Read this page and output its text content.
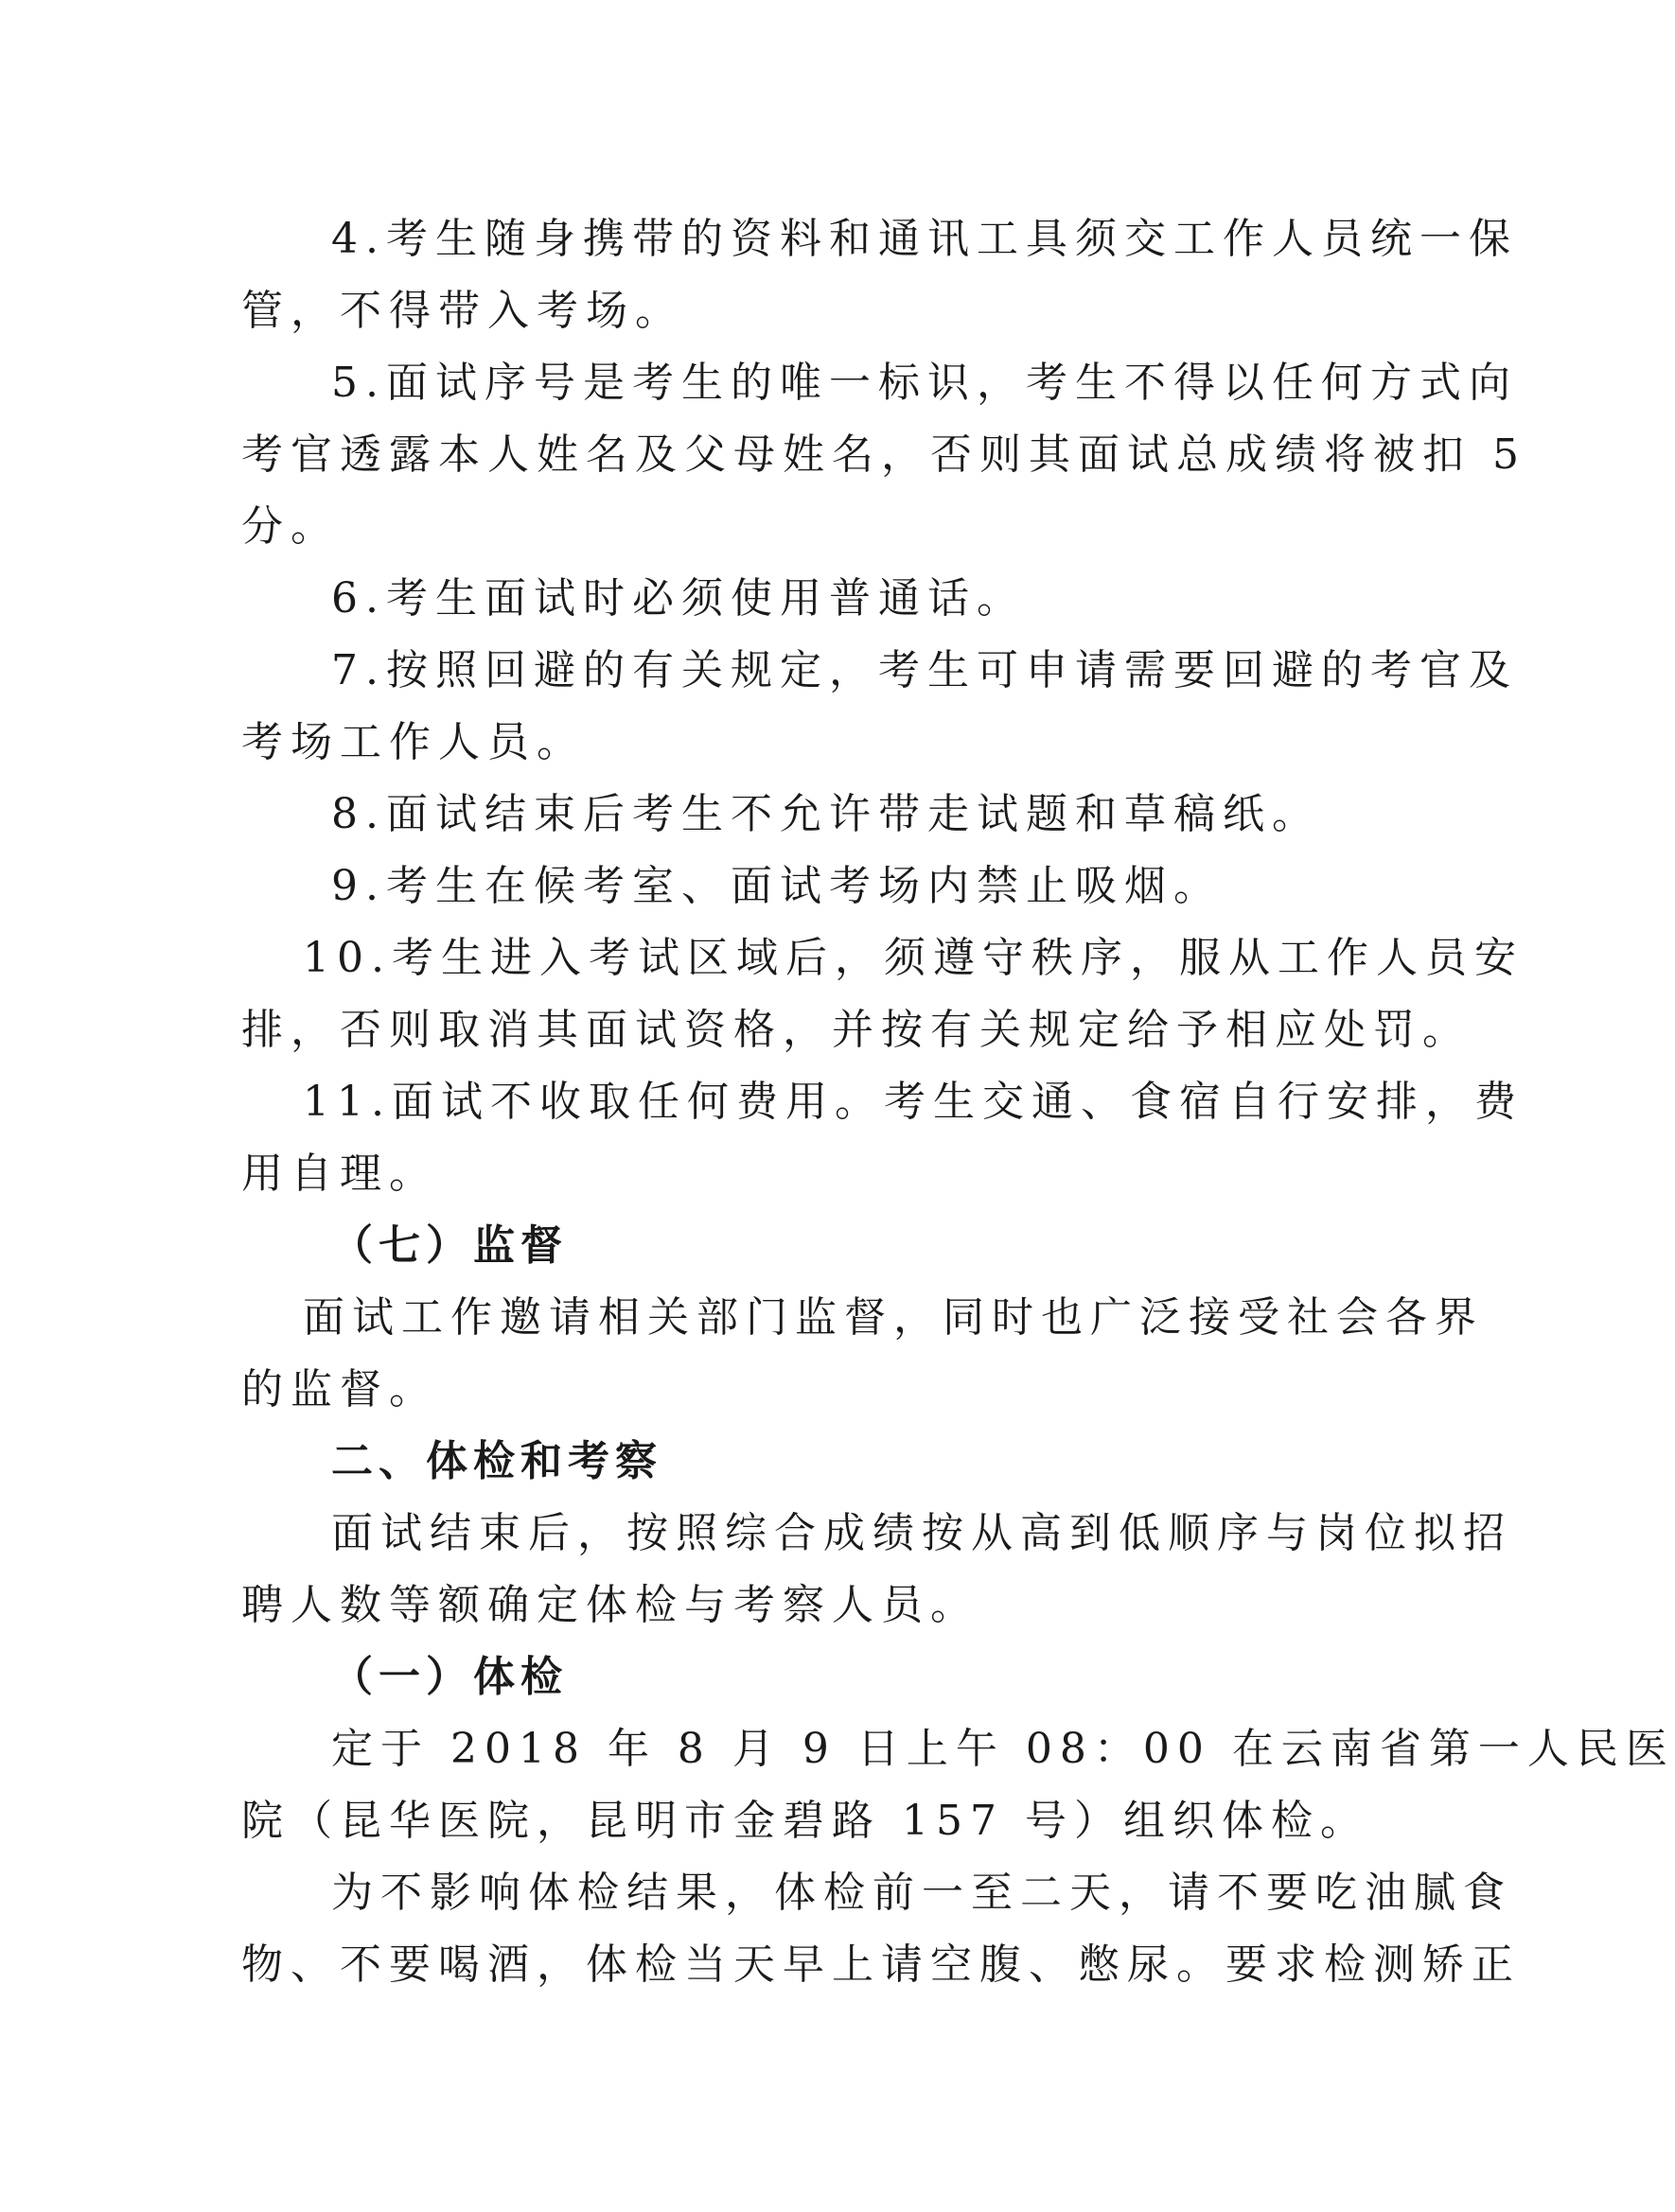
4.考生随身携带的资料和通讯工具须交工作人员统一保
管，不得带入考场。
5.面试序号是考生的唯一标识，考生不得以任何方式向
考官透露本人姓名及父母姓名，否则其面试总成绩将被扣 5
分。
6.考生面试时必须使用普通话。
7.按照回避的有关规定，考生可申请需要回避的考官及
考场工作人员。
8.面试结束后考生不允许带走试题和草稿纸。
9.考生在候考室、面试考场内禁止吸烟。
10.考生进入考试区域后，须遵守秩序，服从工作人员安
排，否则取消其面试资格，并按有关规定给予相应处罚。
11.面试不收取任何费用。考生交通、食宿自行安排，费
用自理。
（七）监督
面试工作邀请相关部门监督，同时也广泛接受社会各界
的监督。
二、体检和考察
面试结束后，按照综合成绩按从高到低顺序与岗位拟招
聘人数等额确定体检与考察人员。
（一）体检
定于 2018 年 8 月 9 日上午 08：00 在云南省第一人民医
院（昆华医院，昆明市金碧路 157 号）组织体检。
为不影响体检结果，体检前一至二天，请不要吃油腻食
物、不要喝酒，体检当天早上请空腹、憋尿。要求检测矫正
